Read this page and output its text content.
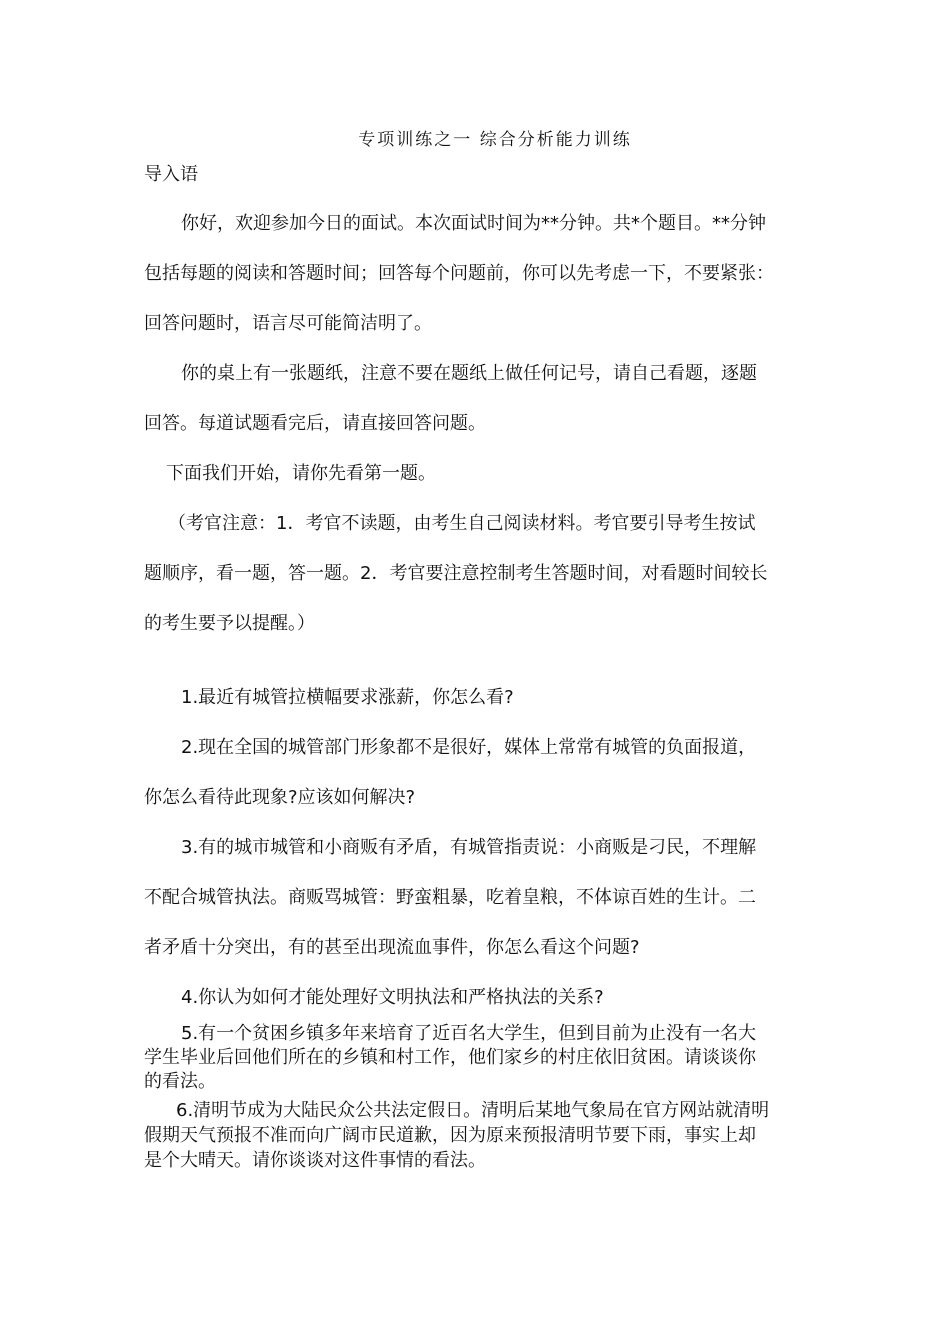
专项训练之一 综合分析能力训练
导入语
你好，欢迎参加今日的面试。本次面试时间为**分钟。共*个题目。**分钟
包括每题的阅读和答题时间；回答每个问题前，你可以先考虑一下，不要紧张：
回答问题时，语言尽可能简洁明了。
你的桌上有一张题纸，注意不要在题纸上做任何记号，请自己看题，逐题
回答。每道试题看完后，请直接回答问题。
下面我们开始，请你先看第一题。
（考官注意：1．考官不读题，由考生自己阅读材料。考官要引导考生按试
题顺序，看一题，答一题。2．考官要注意控制考生答题时间，对看题时间较长
的考生要予以提醒。）
1.最近有城管拉横幅要求涨薪，你怎么看?
2.现在全国的城管部门形象都不是很好，媒体上常常有城管的负面报道，
你怎么看待此现象?应该如何解决?
3.有的城市城管和小商贩有矛盾，有城管指责说：小商贩是刁民，不理解
不配合城管执法。商贩骂城管：野蛮粗暴，吃着皇粮，不体谅百姓的生计。二
者矛盾十分突出，有的甚至出现流血事件，你怎么看这个问题?
4.你认为如何才能处理好文明执法和严格执法的关系?
5.有一个贫困乡镇多年来培育了近百名大学生，但到目前为止没有一名大
学生毕业后回他们所在的乡镇和村工作，他们家乡的村庄依旧贫困。请谈谈你
的看法。
6.清明节成为大陆民众公共法定假日。清明后某地气象局在官方网站就清明
假期天气预报不准而向广阔市民道歉，因为原来预报清明节要下雨，事实上却
是个大晴天。请你谈谈对这件事情的看法。
